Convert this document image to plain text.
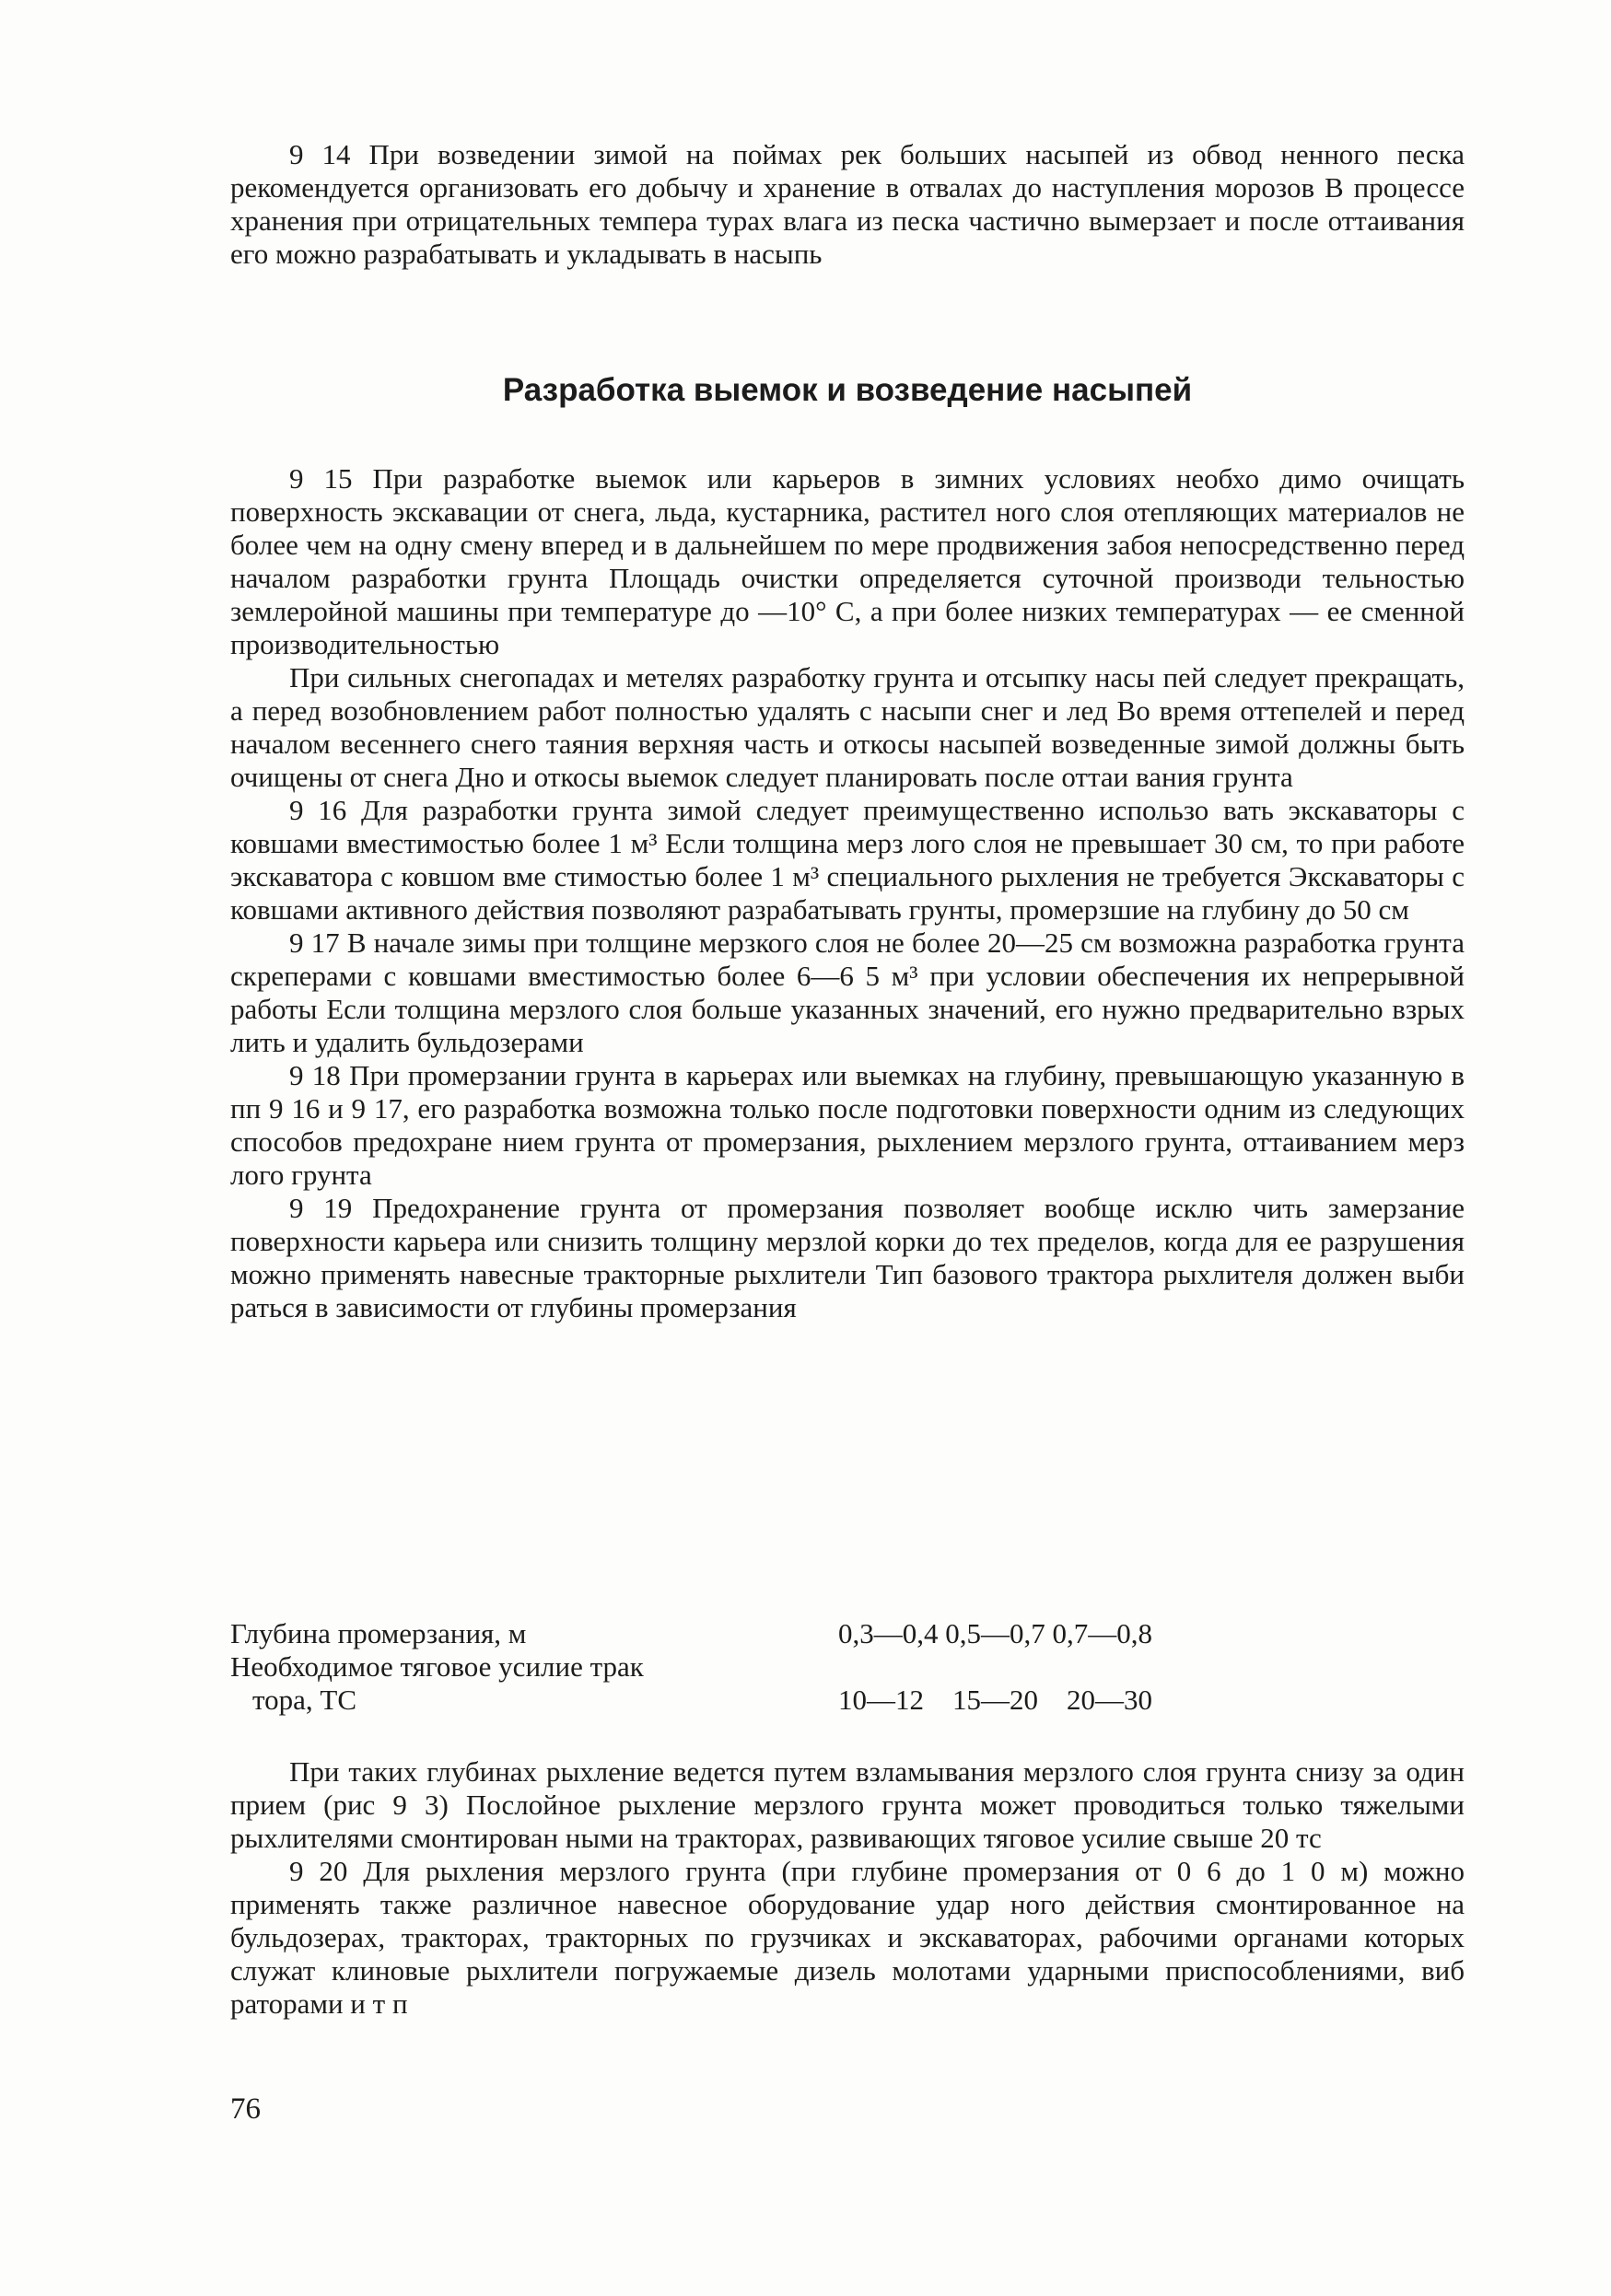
9 14 При возведении зимой на поймах рек больших насыпей из обвод ненного песка рекомендуется организовать его добычу и хранение в отвалах до наступления морозов В процессе хранения при отрицательных темпера турах влага из песка частично вымерзает и после оттаивания его можно разрабатывать и укладывать в насыпь

Разработка выемок и возведение насыпей

9 15 При разработке выемок или карьеров в зимних условиях необхо димо очищать поверхность экскавации от снега, льда, кустарника, растител ного слоя отепляющих материалов не более чем на одну смену вперед и в дальнейшем по мере продвижения забоя непосредственно перед началом разработки грунта Площадь очистки определяется суточной производи тельностью землеройной машины при температуре до —10° С, а при более низких температурах — ее сменной производительностью

При сильных снегопадах и метелях разработку грунта и отсыпку насы пей следует прекращать, а перед возобновлением работ полностью удалять с насыпи снег и лед Во время оттепелей и перед началом весеннего снего таяния верхняя часть и откосы насыпей возведенные зимой должны быть очищены от снега Дно и откосы выемок следует планировать после оттаи вания грунта

9 16 Для разработки грунта зимой следует преимущественно использо вать экскаваторы с ковшами вместимостью более 1 м³ Если толщина мерз лого слоя не превышает 30 см, то при работе экскаватора с ковшом вме стимостью более 1 м³ специального рыхления не требуется Экскаваторы с ковшами активного действия позволяют разрабатывать грунты, промерзшие на глубину до 50 см

9 17 В начале зимы при толщине мерзкого слоя не более 20—25 см возможна разработка грунта скреперами с ковшами вместимостью более 6—6 5 м³ при условии обеспечения их непрерывной работы Если толщина мерзлого слоя больше указанных значений, его нужно предварительно взрых лить и удалить бульдозерами

9 18 При промерзании грунта в карьерах или выемках на глубину, превышающую указанную в пп 9 16 и 9 17, его разработка возможна только после подготовки поверхности одним из следующих способов предохране нием грунта от промерзания, рыхлением мерзлого грунта, оттаиванием мерз лого грунта

9 19 Предохранение грунта от промерзания позволяет вообще исклю чить замерзание поверхности карьера или снизить толщину мерзлой корки до тех пределов, когда для ее разрушения можно применять навесные тракторные рыхлители Тип базового трактора рыхлителя должен выби раться в зависимости от глубины промерзания

Глубина промерзания, м	0,3—0,4 0,5—0,7 0,7—0,8
Необходимое тяговое усилие трак
тора, ТС	10—12    15—20    20—30

При таких глубинах рыхление ведется путем взламывания мерзлого слоя грунта снизу за один прием (рис 9 3) Послойное рыхление мерзлого грунта может проводиться только тяжелыми рыхлителями смонтирован ными на тракторах, развивающих тяговое усилие свыше 20 тс

9 20 Для рыхления мерзлого грунта (при глубине промерзания от 0 6 до 1 0 м) можно применять также различное навесное оборудование удар ного действия смонтированное на бульдозерах, тракторах, тракторных по грузчиках и экскаваторах, рабочими органами которых служат клиновые рыхлители погружаемые дизель молотами ударными приспособлениями, виб раторами и т п

76
